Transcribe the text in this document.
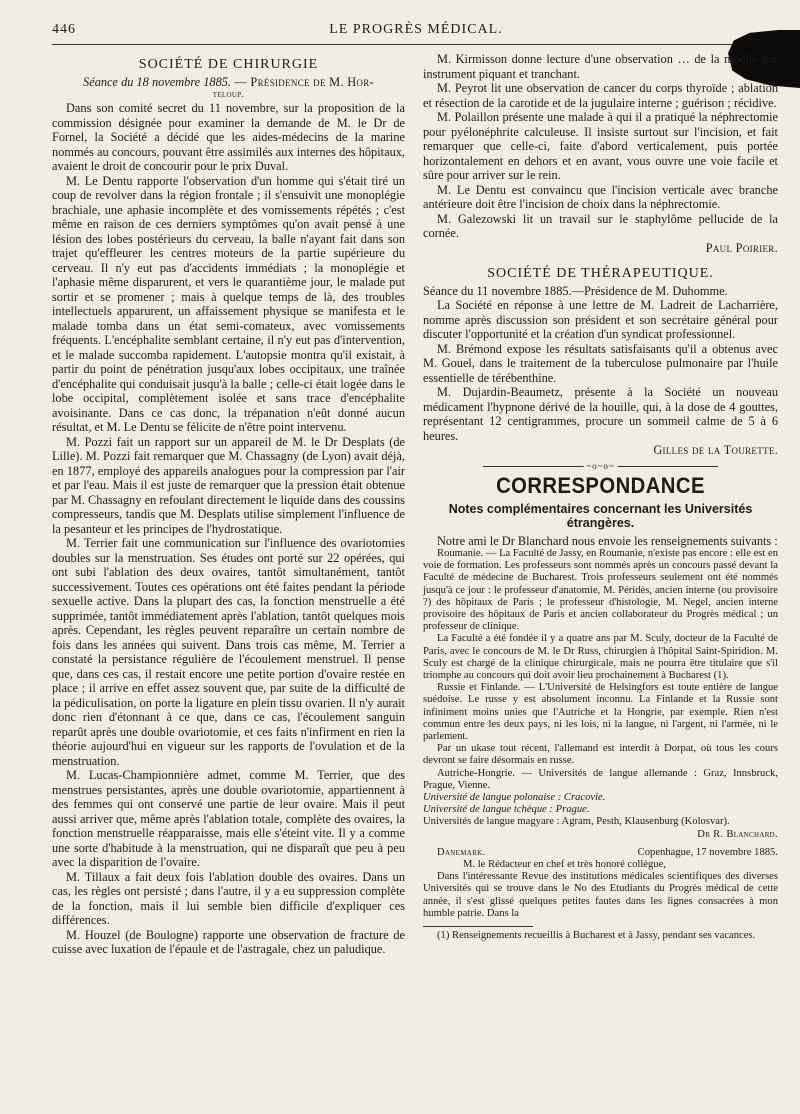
446	LE PROGRÈS MÉDICAL.
SOCIÉTÉ DE CHIRURGIE

Séance du 18 novembre 1885. — Présidence de M. Hor-

teloup.

Dans son comité secret du 11 novembre, sur la proposition de la commission désignée pour examiner la demande de M. le Dr de Fornel, la Société a décidé que les aides-médecins de la marine nommés au concours, pouvant être assimilés aux internes des hôpitaux, avaient le droit de concourir pour le prix Duval.

M. Le Dentu rapporte l'observation d'un homme qui s'était tiré un coup de revolver dans la région frontale ; il s'ensuivit une monoplégie brachiale, une aphasie incomplète et des vomissements répétés ; c'est même en raison de ces derniers symptômes qu'on avait pensé à une lésion des lobes postérieurs du cerveau, la balle n'ayant fait dans son trajet qu'effleurer les centres moteurs de la partie supérieure du cerveau. Il n'y eut pas d'accidents immédiats ; la monoplégie et l'aphasie même disparurent, et vers le quarantième jour, le malade put sortir et se promener ; mais à quelque temps de là, des troubles intellectuels apparurent, un affaissement physique se manifesta et le malade tomba dans un état semi-comateux, avec vomissements fréquents. L'encéphalite semblant certaine, il n'y eut pas d'intervention, et le malade succomba rapidement. L'autopsie montra qu'il existait, à partir du point de pénétration jusqu'aux lobes occipitaux, une traînée d'encéphalite qui conduisait jusqu'à la balle ; celle-ci était logée dans le lobe occipital, complètement isolée et sans trace d'encéphalite avoisinante. Dans ce cas donc, la trépanation n'eût donné aucun résultat, et M. Le Dentu se félicite de n'être point intervenu.

M. Pozzi fait un rapport sur un appareil de M. le Dr Desplats (de Lille). M. Pozzi fait remarquer que M. Chassagny (de Lyon) avait déjà, en 1877, employé des appareils analogues pour la compression par l'air et par l'eau. Mais il est juste de remarquer que la pression était obtenue par M. Chassagny en refoulant directement le liquide dans des coussins compresseurs, tandis que M. Desplats utilise simplement l'influence de la pesanteur et les principes de l'hydrostatique.

M. Terrier fait une communication sur l'influence des ovariotomies doubles sur la menstruation. Ses études ont porté sur 22 opérées, qui ont subi l'ablation des deux ovaires, tantôt simultanément, tantôt successivement. Toutes ces opérations ont été faites pendant la période sexuelle active. Dans la plupart des cas, la fonction menstruelle a été supprimée, tantôt immédiatement après l'ablation, tantôt quelques mois après. Cependant, les règles peuvent reparaître un certain nombre de fois dans les années qui suivent. Dans trois cas même, M. Terrier a constaté la persistance régulière de l'écoulement menstruel. Il pense que, dans ces cas, il restait encore une petite portion d'ovaire restée en place ; il arrive en effet assez souvent que, par suite de la difficulté de la pédiculisation, on porte la ligature en plein tissu ovarien. Il n'y aurait donc rien d'étonnant à ce que, dans ce cas, l'écoulement sanguin reparût après une double ovariotomie, et ces faits n'infirment en rien la théorie aujourd'hui en vigueur sur les rapports de l'ovulation et de la menstruation.

M. Lucas-Championnière admet, comme M. Terrier, que des menstrues persistantes, après une double ovariotomie, appartiennent à des femmes qui ont conservé une partie de leur ovaire. Mais il peut aussi arriver que, même après l'ablation totale, complète des ovaires, la fonction menstruelle réapparaisse, mais elle s'éteint vite. Il y a comme une sorte d'habitude à la menstruation, qui ne disparaît que peu à peu avec la disparition de l'ovaire.

M. Tillaux a fait deux fois l'ablation double des ovaires. Dans un cas, les règles ont persisté ; dans l'autre, il y a eu suppression complète de la fonction, mais il lui semble bien difficile d'expliquer ces différences.

M. Houzel (de Boulogne) rapporte une observation de fracture de cuisse avec luxation de l'épaule et de l'astragale, chez un paludique.

M. Kirmisson donne lecture d'une observation … de la moelle par instrument piquant et tranchant.

M. Peyrot lit une observation de cancer du corps thyroïde ; ablation et résection de la carotide et de la jugulaire interne ; guérison ; récidive.

M. Polaillon présente une malade à qui il a pratiqué la néphrectomie pour pyélonéphrite calculeuse. Il insiste surtout sur l'incision, et fait remarquer que celle-ci, faite d'abord verticalement, puis portée horizontalement en dehors et en avant, vous ouvre une voie facile et sûre pour arriver sur le rein.

M. Le Dentu est convaincu que l'incision verticale avec branche antérieure doit être l'incision de choix dans la néphrectomie.

M. Galezowski lit un travail sur le staphylôme pellucide de la cornée.

Paul Poirier.

SOCIÉTÉ DE THÉRAPEUTIQUE.

Séance du 11 novembre 1885.—Présidence de M. Duhomme.

La Société en réponse à une lettre de M. Ladreit de Lacharrière, nomme après discussion son président et son secrétaire général pour discuter l'opportunité et la création d'un syndicat professionnel.

M. Brémond expose les résultats satisfaisants qu'il a obtenus avec M. Gouel, dans le traitement de la tuberculose pulmonaire par l'huile essentielle de térébenthine.

M. Dujardin-Beaumetz, présente à la Société un nouveau médicament l'hypnone dérivé de la houille, qui, à la dose de 4 gouttes, représentant 12 centigrammes, procure un sommeil calme de 5 à 6 heures.

Gilles de la Tourette.

~o~o~
CORRESPONDANCE
Notes complémentaires concernant les Universités étrangères.

Notre ami le Dr Blanchard nous envoie les renseignements suivants :

Roumanie. — La Faculté de Jassy, en Roumanie, n'existe pas encore : elle est en voie de formation. Les professeurs sont nommés après un concours passé devant la Faculté de médecine de Bucharest. Trois professeurs seulement ont été nommés jusqu'à ce jour : le professeur d'anatomie, M. Péridès, ancien interne (ou provisoire ?) des hôpitaux de Paris ; le professeur d'histologie, M. Negel, ancien interne provisoire des hôpitaux de Paris et ancien collaborateur du Progrès médical ; un professeur de clinique.

La Faculté a été fondée il y a quatre ans par M. Sculy, docteur de la Faculté de Paris, avec le concours de M. le Dr Russ, chirurgien à l'hôpital Saint-Spiridion. M. Sculy est chargé de la clinique chirurgicale, mais ne pourra être titulaire que s'il triomphe au concours qui doit avoir lieu prochainement à Bucharest (1).

Russie et Finlande. — L'Université de Helsingfors est toute entière de langue suédoise. Le russe y est absolument inconnu. La Finlande et la Russie sont infiniment moins unies que l'Autriche et la Hongrie, par exemple. Rien n'est commun entre les deux pays, ni les lois, ni la langue, ni l'argent, ni l'armée, ni le parlement.

Par un ukase tout récent, l'allemand est interdit à Dorpat, où tous les cours devront se faire désormais en russe.

Autriche-Hongrie. — Universités de langue allemande : Graz, Innsbruck, Prague, Vienne.

Université de langue polonaise : Cracovie.

Université de langue tchèque : Prague.

Universités de langue magyare : Agram, Pesth, Klausenburg (Kolosvar).

Dr R. Blanchard.

Danemark.	Copenhague, 17 novembre 1885.

M. le Rédacteur en chef et très honoré collègue,

Dans l'intéressante Revue des institutions médicales scientifiques des diverses Universités qui se trouve dans le No des Etudiants du Progrès médical de cette année, il s'est glissé quelques petites fautes dans les lignes consacrées à mon humble patrie. Dans la

(1) Renseignements recueillis à Bucharest et à Jassy, pendant ses vacances.
